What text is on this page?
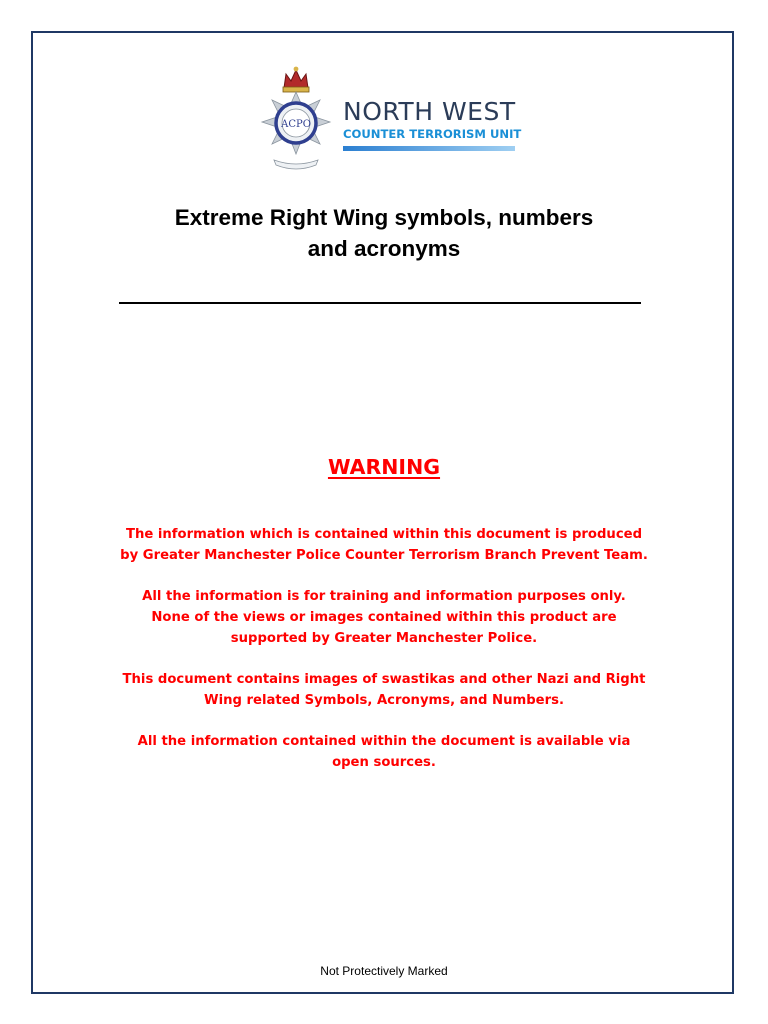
ACPO NORTH WEST
COUNTER TERRORISM UNIT
Extreme Right Wing symbols, numbers
and acronyms
WARNING

The information which is contained within this document is produced
by Greater Manchester Police Counter Terrorism Branch Prevent Team.

All the information is for training and information purposes only.
None of the views or images contained within this product are
supported by Greater Manchester Police.

This document contains images of swastikas and other Nazi and Right
Wing related Symbols, Acronyms, and Numbers.

All the information contained within the document is available via
open sources.

Not Protectively Marked
